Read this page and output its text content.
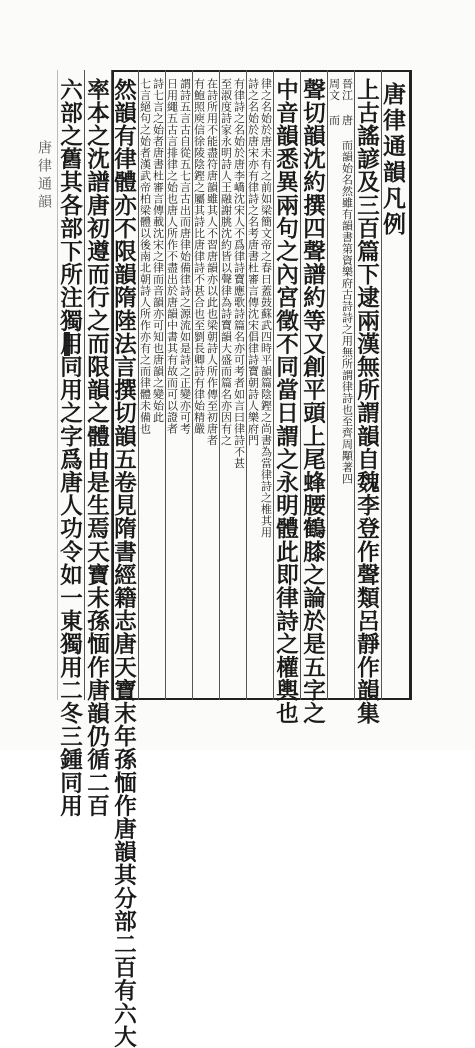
唐律通韻	唐律通韻凡例
上古謠諺及三百篇下逮兩漢無所謂韻自魏李登作聲類呂靜作韻集
晉江 唐 而韻始名然雖有韻書第資樂府古詩詩之用無所謂律詩也至齊周顒著四
周文 而
聲切韻沈約撰四聲譜約等又創平頭上尾蜂腰鶴膝之論於是五字之
中音韻悉異兩句之內宮徵不同當日謂之永明體此即律詩之權輿也
律之名始於唐未有之前如梁簡文帝之春日蓋鼓蘇武四時平韻篇陰鏗之尚書為當律詩之椎其用
詩之名始於唐宋亦有律詩之名考唐書杜審言傳沈宋倡律詩寶朝詩人樂府門
有律詩之名始於唐李嶠沈宋人不爲律詩寶應歌詩篇名亦可考者如言曰律詩不甚
至淑度詩家永明詩人王融謝朓沈約皆以聲律為詩寶韻大盛而篇名亦因有之
在詩所用不能盡符唐韻雖其人不習唐韻亦以此也梁朝詩人所作傳至初唐者
有鮑照庾信徐陵陰鏗之屬其詩比唐律詩不甚合也至劉長卿詩有律始精嚴
謂詩五言古自從五七言古出而唐律始備律詩之源流如是詩之正變亦可考
日用繩五古言排律之始也唐人所作不盡出於唐韻中書其有故而可以證者
詩七言之始者唐書杜審言傳載沈宋之律而音韻亦可知也唐韻之變始此
七言絕句之始者漢武帝柏梁體以後南北朝詩人所作亦有之而律體未備也
然韻有律體亦不限韻隋陸法言撰切韻五卷見隋書經籍志唐天寶末年孫愐作唐韻其分部二百有六大
率本之沈譜唐初遵而行之而限韻之體由是生焉天寶末孫愐作唐韻仍循二百
六部之舊其各部下所注獨用同用之字爲唐人功令如一東獨用二冬三鍾同用
